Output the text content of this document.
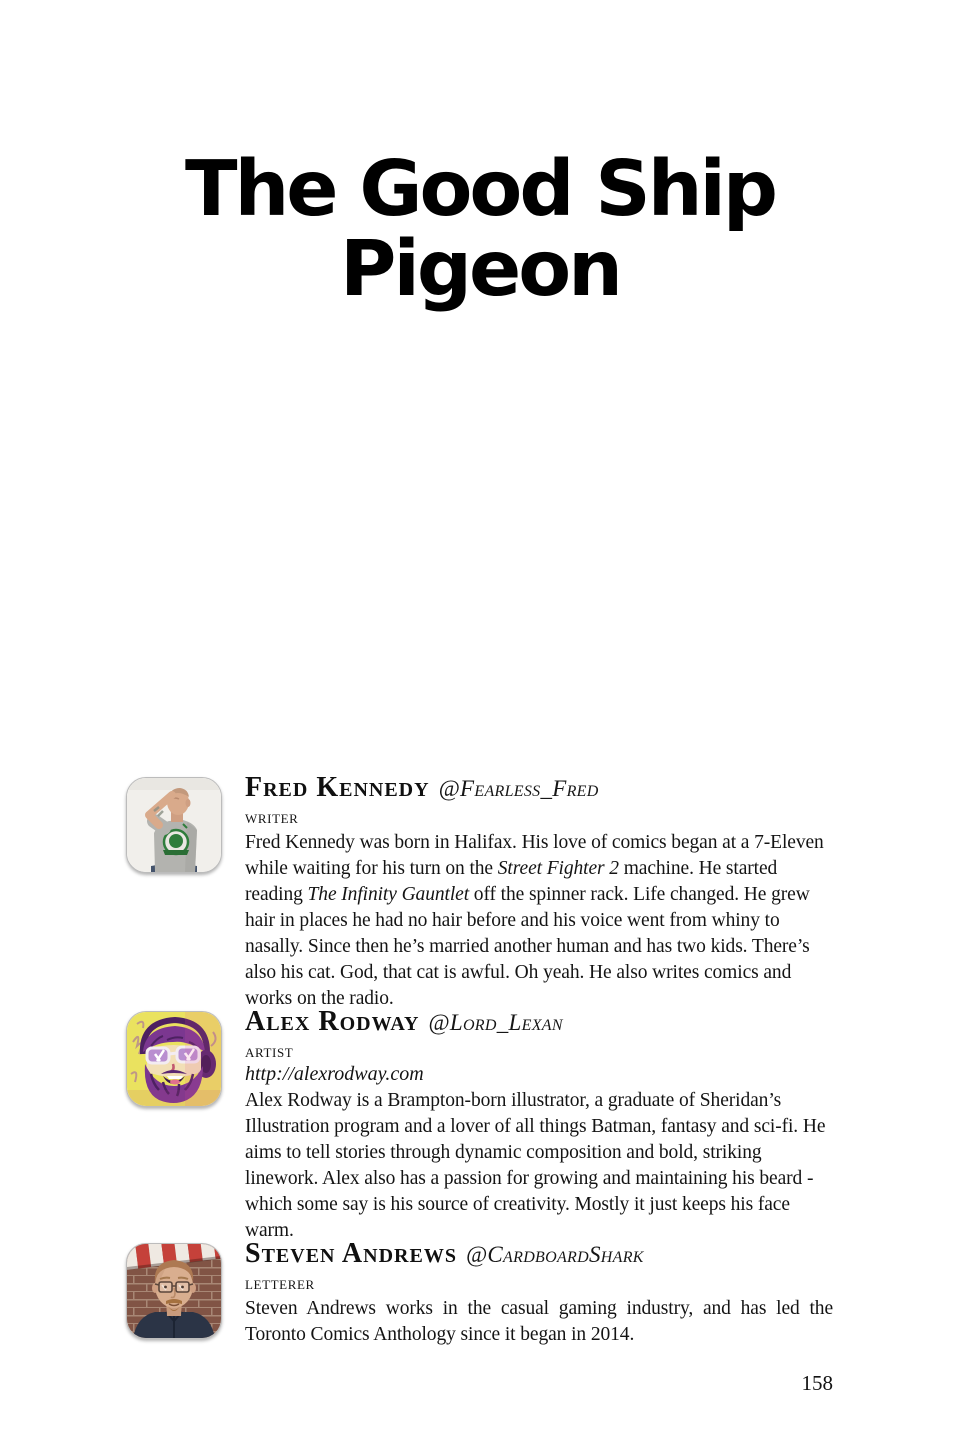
The Good Ship
Pigeon
Fred Kennedy @Fearless_Fred
writer

Fred Kennedy was born in Halifax. His love of comics began at a 7-Eleven while waiting for his turn on the Street Fighter 2 machine. He started reading The Infinity Gauntlet off the spinner rack. Life changed. He grew hair in places he had no hair before and his voice went from whiny to nasally. Since then he’s married another human and has two kids. There’s also his cat. God, that cat is awful. Oh yeah. He also writes comics and works on the radio.

Alex Rodway @Lord_Lexan
artist
http://alexrodway.com

Alex Rodway is a Brampton-born illustrator, a graduate of Sheridan’s Illustration program and a lover of all things Batman, fantasy and sci-fi. He aims to tell stories through dynamic composition and bold, striking linework. Alex also has a passion for growing and maintaining his beard - which some say is his source of creativity. Mostly it just keeps his face warm.

Steven Andrews @CardboardShark
letterer

Steven Andrews works in the casual gaming industry, and has led the Toronto Comics Anthology since it began in 2014.

158
